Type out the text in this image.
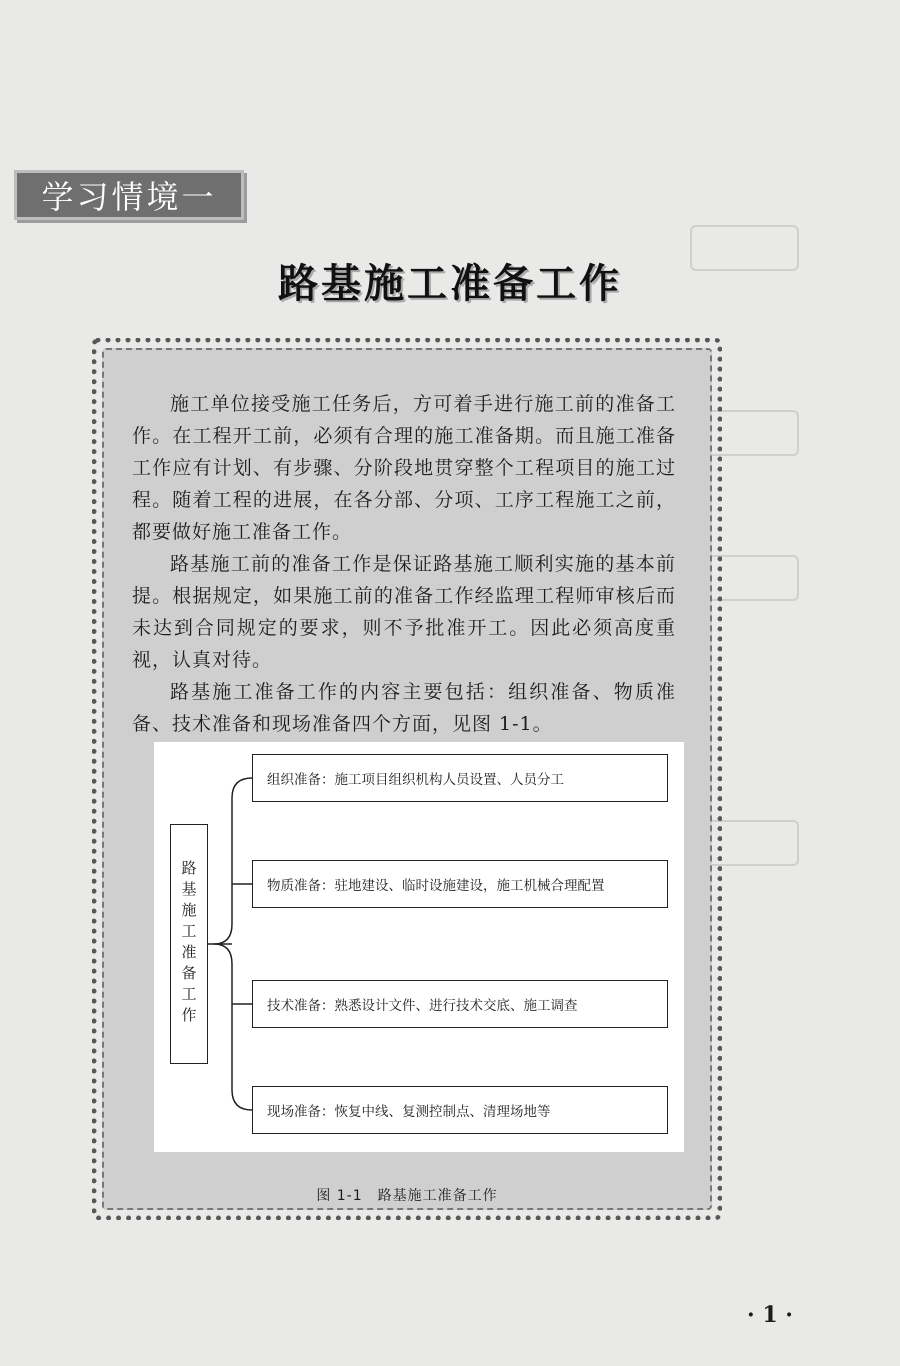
学习情境一
路基施工准备工作

施工单位接受施工任务后，方可着手进行施工前的准备工作。在工程开工前，必须有合理的施工准备期。而且施工准备工作应有计划、有步骤、分阶段地贯穿整个工程项目的施工过程。随着工程的进展，在各分部、分项、工序工程施工之前，都要做好施工准备工作。

路基施工前的准备工作是保证路基施工顺利实施的基本前提。根据规定，如果施工前的准备工作经监理工程师审核后而未达到合同规定的要求，则不予批准开工。因此必须高度重视，认真对待。

路基施工准备工作的内容主要包括：组织准备、物质准备、技术准备和现场准备四个方面，见图 1-1。

路基施工准备工作
组织准备：施工项目组织机构人员设置、人员分工
物质准备：驻地建设、临时设施建设，施工机械合理配置
技术准备：熟悉设计文件、进行技术交底、施工调查
现场准备：恢复中线、复测控制点、清理场地等
图 1-1　路基施工准备工作
· 1 ·
